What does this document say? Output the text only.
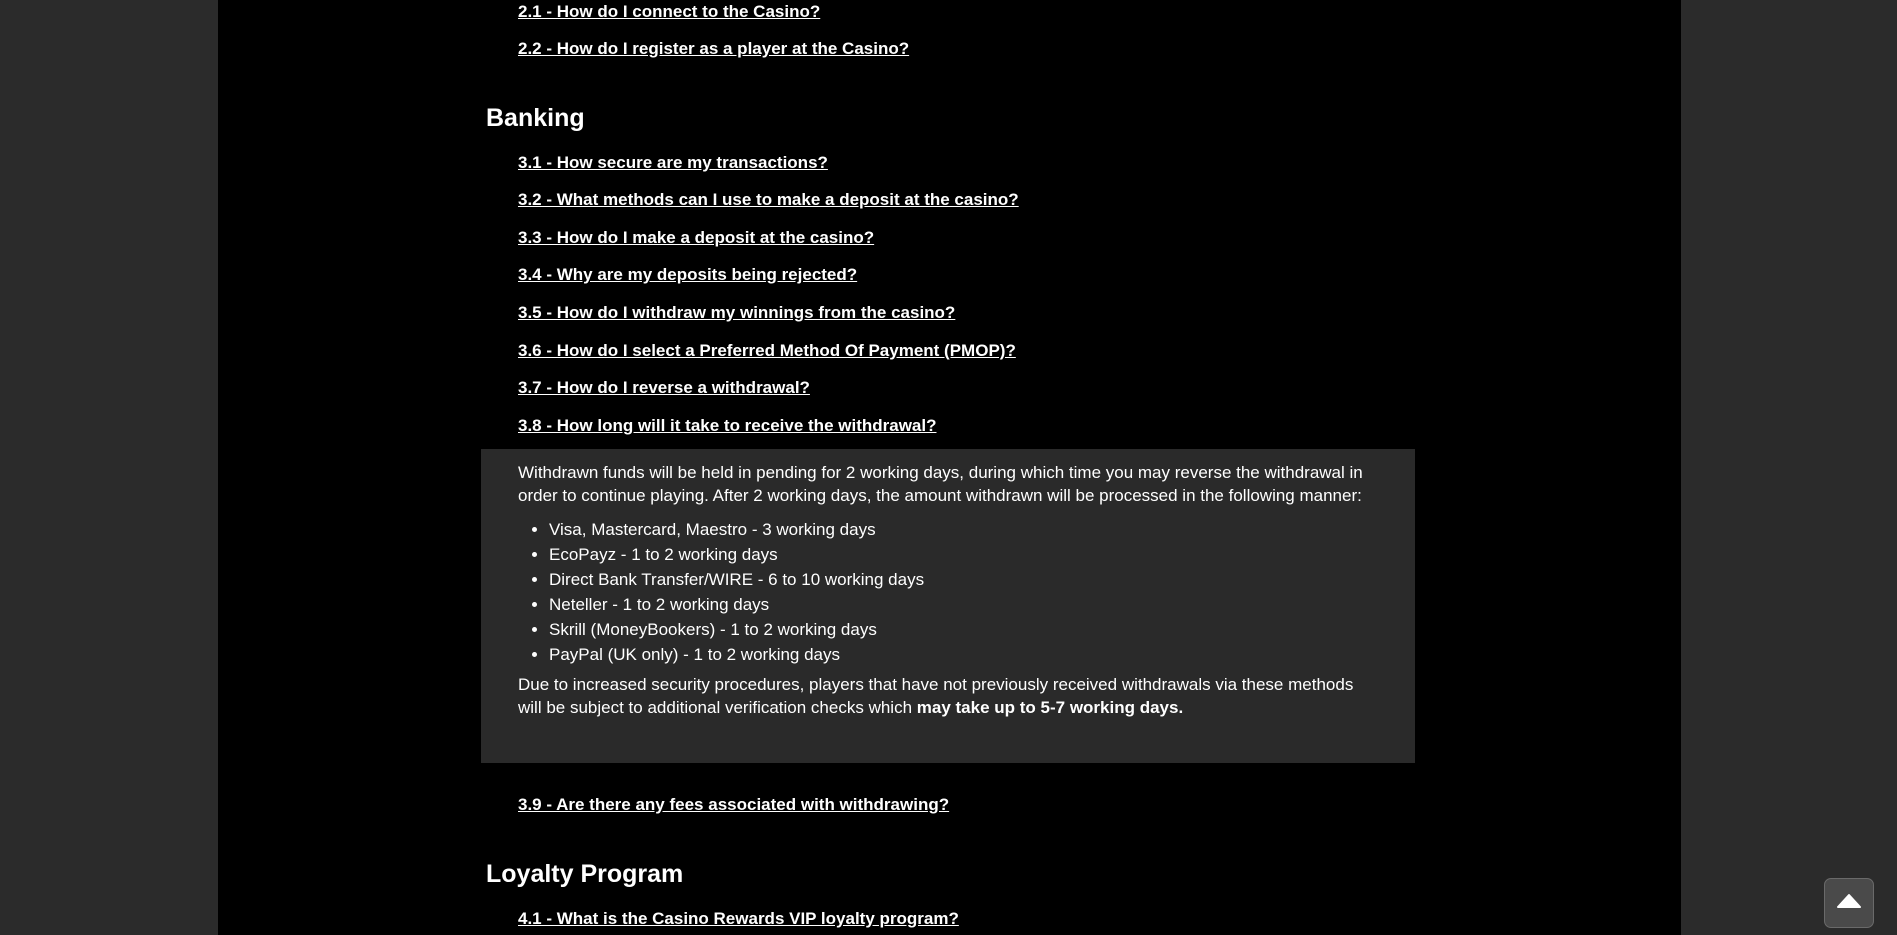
2.1 - How do I connect to the Casino?
2.2 - How do I register as a player at the Casino?
Banking
3.1 - How secure are my transactions?
3.2 - What methods can I use to make a deposit at the casino?
3.3 - How do I make a deposit at the casino?
3.4 - Why are my deposits being rejected?
3.5 - How do I withdraw my winnings from the casino?
3.6 - How do I select a Preferred Method Of Payment (PMOP)?
3.7 - How do I reverse a withdrawal?
3.8 - How long will it take to receive the withdrawal?

Withdrawn funds will be held in pending for 2 working days, during which time you may reverse the withdrawal in order to continue playing. After 2 working days, the amount withdrawn will be processed in the following manner:

• Visa, Mastercard, Maestro - 3 working days
• EcoPayz - 1 to 2 working days
• Direct Bank Transfer/WIRE - 6 to 10 working days
• Neteller - 1 to 2 working days
• Skrill (MoneyBookers) - 1 to 2 working days
• PayPal (UK only) - 1 to 2 working days

Due to increased security procedures, players that have not previously received withdrawals via these methods will be subject to additional verification checks which may take up to 5-7 working days.

3.9 - Are there any fees associated with withdrawing?
Loyalty Program
4.1 - What is the Casino Rewards VIP loyalty program?
